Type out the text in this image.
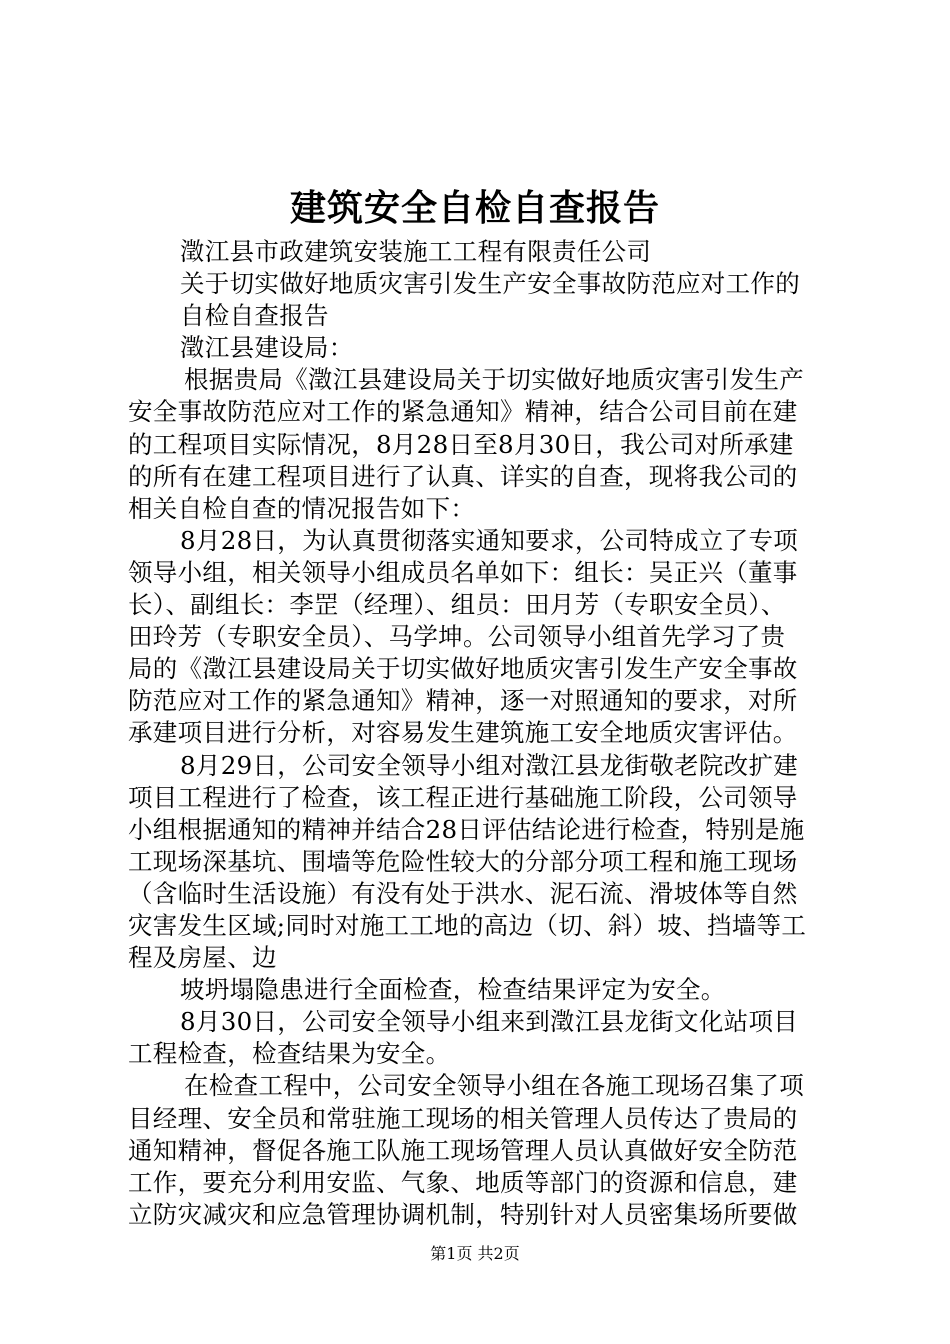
建筑安全自检自查报告
澂江县市政建筑安装施工工程有限责任公司
关于切实做好地质灾害引发生产安全事故防范应对工作的
自检自查报告
澂江县建设局：
根据贵局《澂江县建设局关于切实做好地质灾害引发生产
安全事故防范应对工作的紧急通知》精神，结合公司目前在建
的工程项目实际情况，8月28日至8月30日，我公司对所承建
的所有在建工程项目进行了认真、详实的自查，现将我公司的
相关自检自查的情况报告如下：
8月28日，为认真贯彻落实通知要求，公司特成立了专项
领导小组，相关领导小组成员名单如下：组长：吴正兴（董事
长）、副组长：李罡（经理）、组员：田月芳（专职安全员）、
田玲芳（专职安全员）、马学坤。公司领导小组首先学习了贵
局的《澂江县建设局关于切实做好地质灾害引发生产安全事故
防范应对工作的紧急通知》精神，逐一对照通知的要求，对所
承建项目进行分析，对容易发生建筑施工安全地质灾害评估。
8月29日，公司安全领导小组对澂江县龙街敬老院改扩建
项目工程进行了检查，该工程正进行基础施工阶段，公司领导
小组根据通知的精神并结合28日评估结论进行检查，特别是施
工现场深基坑、围墙等危险性较大的分部分项工程和施工现场
（含临时生活设施）有没有处于洪水、泥石流、滑坡体等自然
灾害发生区域;同时对施工工地的高边（切、斜）坡、挡墙等工
程及房屋、边
坡坍塌隐患进行全面检查，检查结果评定为安全。
8月30日，公司安全领导小组来到澂江县龙街文化站项目
工程检查，检查结果为安全。
在检查工程中，公司安全领导小组在各施工现场召集了项
目经理、安全员和常驻施工现场的相关管理人员传达了贵局的
通知精神，督促各施工队施工现场管理人员认真做好安全防范
工作，要充分利用安监、气象、地质等部门的资源和信息，建
立防灾减灾和应急管理协调机制，特别针对人员密集场所要做
第1页 共2页
